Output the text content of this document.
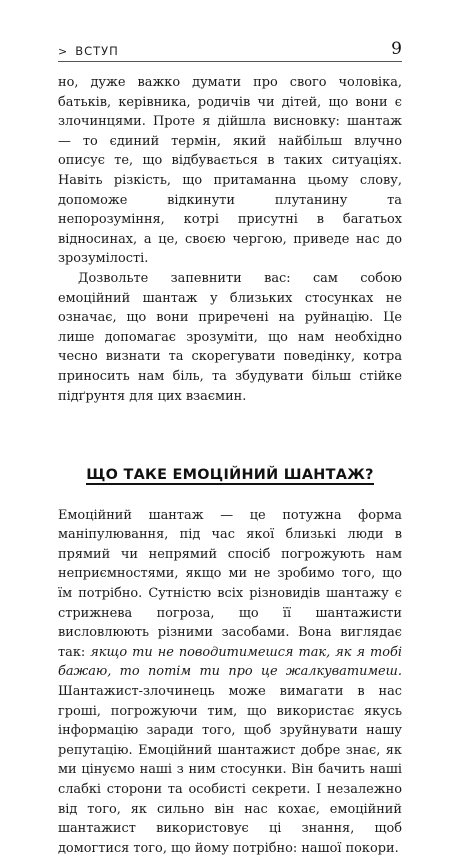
> ВСТУП	9

но, дуже важко думати про свого чоловіка, батьків, керівника, родичів чи дітей, що вони є злочинцями. Проте я дійшла висновку: шантаж — то єдиний термін, який найбільш влучно описує те, що відбувається в таких ситуаціях. Навіть різкість, що притаманна цьому слову, допоможе відкинути плутанину та непорозуміння, котрі присутні в багатьох відносинах, а це, своєю чергою, приведе нас до зрозумілості.

Дозвольте запевнити вас: сам собою емоційний шантаж у близьких стосунках не означає, що вони приречені на руйнацію. Це лише допомагає зрозуміти, що нам необхідно чесно визнати та скорегувати поведінку, котра приносить нам біль, та збудувати більш стійке підґрунтя для цих взаємин.

ЩО ТАКЕ ЕМОЦІЙНИЙ ШАНТАЖ?

Емоційний шантаж — це потужна форма маніпулювання, під час якої близькі люди в прямий чи непрямий спосіб погрожують нам неприємностями, якщо ми не зробимо того, що їм потрібно. Сутністю всіх різновидів шантажу є стрижнева погроза, що її шантажисти висловлюють різними засобами. Вона виглядає так: якщо ти не поводитимешся так, як я тобі бажаю, то потім ти про це жалкуватимеш. Шантажист-злочинець може вимагати в нас гроші, погрожуючи тим, що використає якусь інформацію заради того, щоб зруйнувати нашу репутацію. Емоційний шантажист добре знає, як ми цінуємо наші з ним стосунки. Він бачить наші слабкі сторони та особисті секрети. І незалежно від того, як сильно він нас кохає, емоційний шантажист використовує ці знання, щоб домогтися того, що йому потрібно: нашої покори.
